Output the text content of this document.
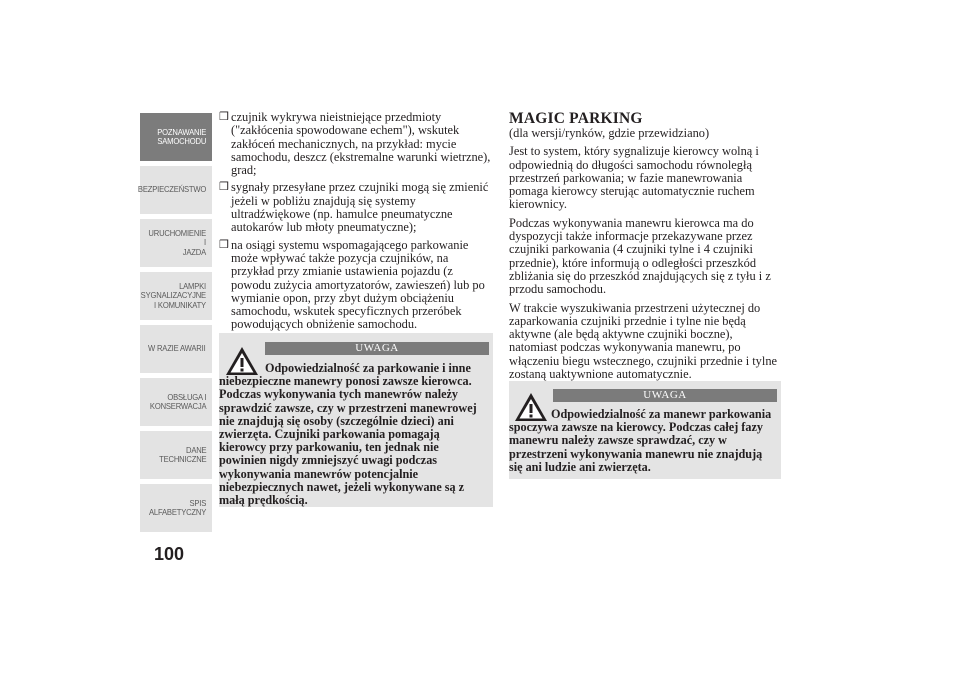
POZNAWANIE
SAMOCHODU
BEZPIECZEŃSTWO
URUCHOMIENIE I
JAZDA
LAMPKI
SYGNALIZACYJNE
I KOMUNIKATY
W RAZIE AWARII
OBSŁUGA I
KONSERWACJA
DANE
TECHNICZNE
SPIS
ALFABETYCZNY
100
❒ czujnik wykrywa nieistniejące przedmioty ("zakłócenia spowodowane echem"), wskutek zakłóceń mechanicznych, na przykład: mycie samochodu, deszcz (ekstremalne warunki wietrzne), grad;
❒ sygnały przesyłane przez czujniki mogą się zmienić jeżeli w pobliżu znajdują się systemy ultradźwiękowe (np. hamulce pneumatyczne autokarów lub młoty pneumatyczne);
❒ na osiągi systemu wspomagającego parkowanie może wpływać także pozycja czujników, na przykład przy zmianie ustawienia pojazdu (z powodu zużycia amortyzatorów, zawieszeń) lub po wymianie opon, przy zbyt dużym obciążeniu samochodu, wskutek specyficznych przeróbek powodujących obniżenie samochodu.
UWAGA
Odpowiedzialność za parkowanie i inne niebezpieczne manewry ponosi zawsze kierowca. Podczas wykonywania tych manewrów należy sprawdzić zawsze, czy w przestrzeni manewrowej nie znajdują się osoby (szczególnie dzieci) ani zwierzęta. Czujniki parkowania pomagają kierowcy przy parkowaniu, ten jednak nie powinien nigdy zmniejszyć uwagi podczas wykonywania manewrów potencjalnie niebezpiecznych nawet, jeżeli wykonywane są z małą prędkością.
MAGIC PARKING
(dla wersji/rynków, gdzie przewidziano)
Jest to system, który sygnalizuje kierowcy wolną i odpowiednią do długości samochodu równoległą przestrzeń parkowania; w fazie manewrowania pomaga kierowcy sterując automatycznie ruchem kierownicy.
Podczas wykonywania manewru kierowca ma do dyspozycji także informacje przekazywane przez czujniki parkowania (4 czujniki tylne i 4 czujniki przednie), które informują o odległości przeszkód zbliżania się do przeszkód znajdujących się z tyłu i z przodu samochodu.
W trakcie wyszukiwania przestrzeni użytecznej do zaparkowania czujniki przednie i tylne nie będą aktywne (ale będą aktywne czujniki boczne), natomiast podczas wykonywania manewru, po włączeniu biegu wstecznego, czujniki przednie i tylne zostaną uaktywnione automatycznie.
UWAGA
Odpowiedzialność za manewr parkowania spoczywa zawsze na kierowcy. Podczas całej fazy manewru należy zawsze sprawdzać, czy w przestrzeni wykonywania manewru nie znajdują się ani ludzie ani zwierzęta.
